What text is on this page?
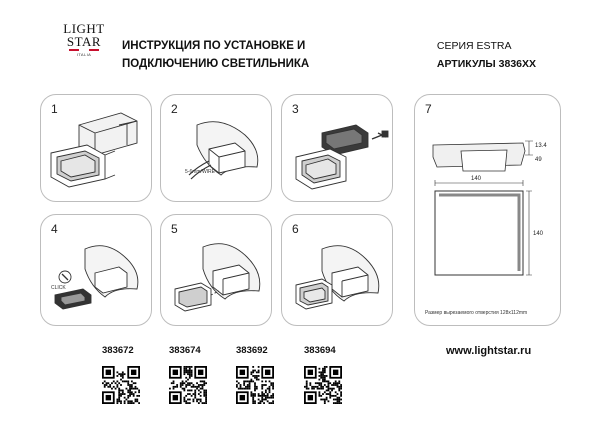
LIGHT
STAR
ITALIA
ИНСТРУКЦИЯ ПО УСТАНОВКЕ И
ПОДКЛЮЧЕНИЮ СВЕТИЛЬНИКА
СЕРИЯ ESTRA
АРТИКУЛЫ 3836XX
1	2
5-6mm/WIRE
3	7
140
13.4
49
140
Размер вырезаемого отверстия 128x112mm
4
CLICK
5	6
383672	383674	383692	383694	www.lightstar.ru
